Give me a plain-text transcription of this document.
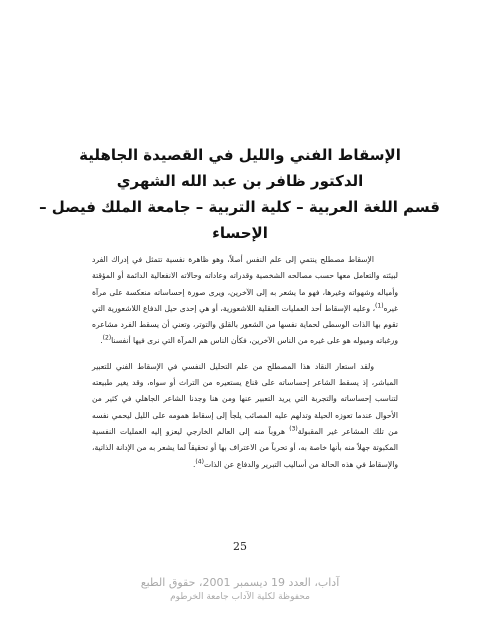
الإسقاط الفني والليل في القصيدة الجاهلية
الدكتور ظافر بن عبد الله الشهري
قسم اللغة العربية – كلية التربية – جامعة الملك فيصل –
الإحساء

الإسقاط مصطلح ينتمي إلى علم النفس أصلاً، وهو ظاهرة نفسية تتمثل في إدراك الفرد لبيئته والتعامل معها حسب مصالحه الشخصية وقدراته وعاداته وحالاته الانفعالية الدائمة أو المؤقتة وأمياله وشهواته وغيرها، فهو ما يشعر به إلى الآخرين، ويرى صورة إحساساته منعكسة على مرآة غيره$^{(1)}$، وعليه الإسقاط أحد العمليات العقلية اللاشعورية، أو هي إحدى حيل الدفاع اللاشعورية التي تقوم بها الذات الوسطى لحماية نفسها من الشعور بالقلق والتوتر، وتعني أن يسقط الفرد مشاعره ورغباته وميوله هو على غيره من الناس الآخرين، فكأن الناس هم المرآة التي نرى فيها أنفسنا$^{(2)}$.

ولقد استعار النقاد هذا المصطلح من علم التحليل النفسي في الإسقاط الفني للتعبير المباشر، إذ يسقط الشاعر إحساساته على قناع يستعيره من التراث أو سواه، وقد يغير طبيعته لتناسب إحساساته والتجربة التي يريد التعبير عنها ومن هنا وجدنا الشاعر الجاهلي في كثير من الأحوال عندما تعوزه الحيلة وتدلهم عليه المصائب يلجأ إلى إسقاط همومه على الليل ليحمي نفسه من تلك المشاعر غير المقبولة$^{(3)}$ هروباً منه إلى العالم الخارجي ليعزو إليه العمليات النفسية المكبوتة جهلاً منه بأنها خاصة به، أو تحرباً من الاعتراف بها أو تحقيقاً لما يشعر به من الإدانة الذاتية، والإسقاط في هذه الحالة من أساليب التبرير والدفاع عن الذات$^{(4)}$.

25
آداب، العدد 19 ديسمبر 2001، حقوق الطبع
محفوظة لكلية الآداب جامعة الخرطوم
